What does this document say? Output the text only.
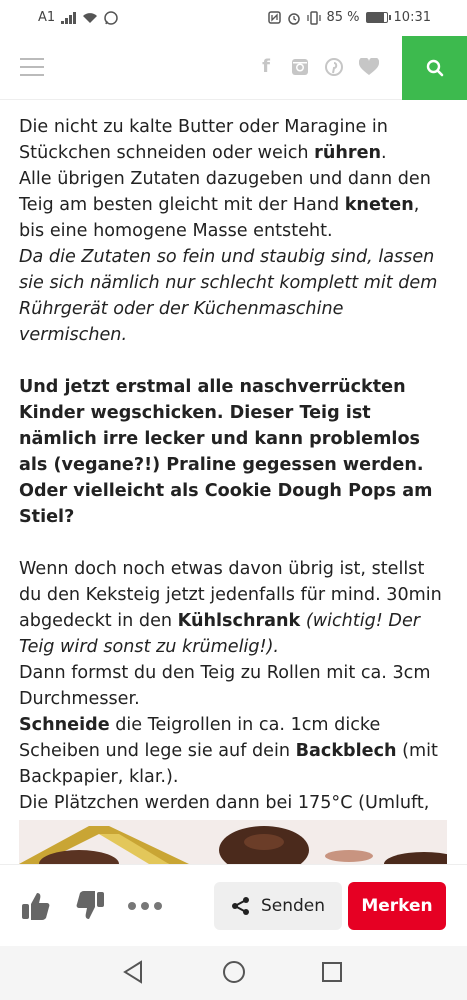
A1	85 %	10:31
f

Die nicht zu kalte Butter oder Maragine in Stückchen schneiden oder weich rühren.

Alle übrigen Zutaten dazugeben und dann den Teig am besten gleicht mit der Hand kneten, bis eine homogene Masse entsteht.

Da die Zutaten so fein und staubig sind, lassen sie sich nämlich nur schlecht komplett mit dem Rührgerät oder der Küchenmaschine vermischen.

Und jetzt erstmal alle naschverrückten Kinder wegschicken. Dieser Teig ist nämlich irre lecker und kann problemlos als (vegane?!) Praline gegessen werden. Oder vielleicht als Cookie Dough Pops am Stiel?

Wenn doch noch etwas davon übrig ist, stellst du den Keksteig jetzt jedenfalls für mind. 30min abgedeckt in den Kühlschrank (wichtig! Der Teig wird sonst zu krümelig!).

Dann formst du den Teig zu Rollen mit ca. 3cm Durchmesser.

Schneide die Teigrollen in ca. 1cm dicke Scheiben und lege sie auf dein Backblech (mit Backpapier, klar.).

Die Plätzchen werden dann bei 175°C (Umluft,

Senden Merken
